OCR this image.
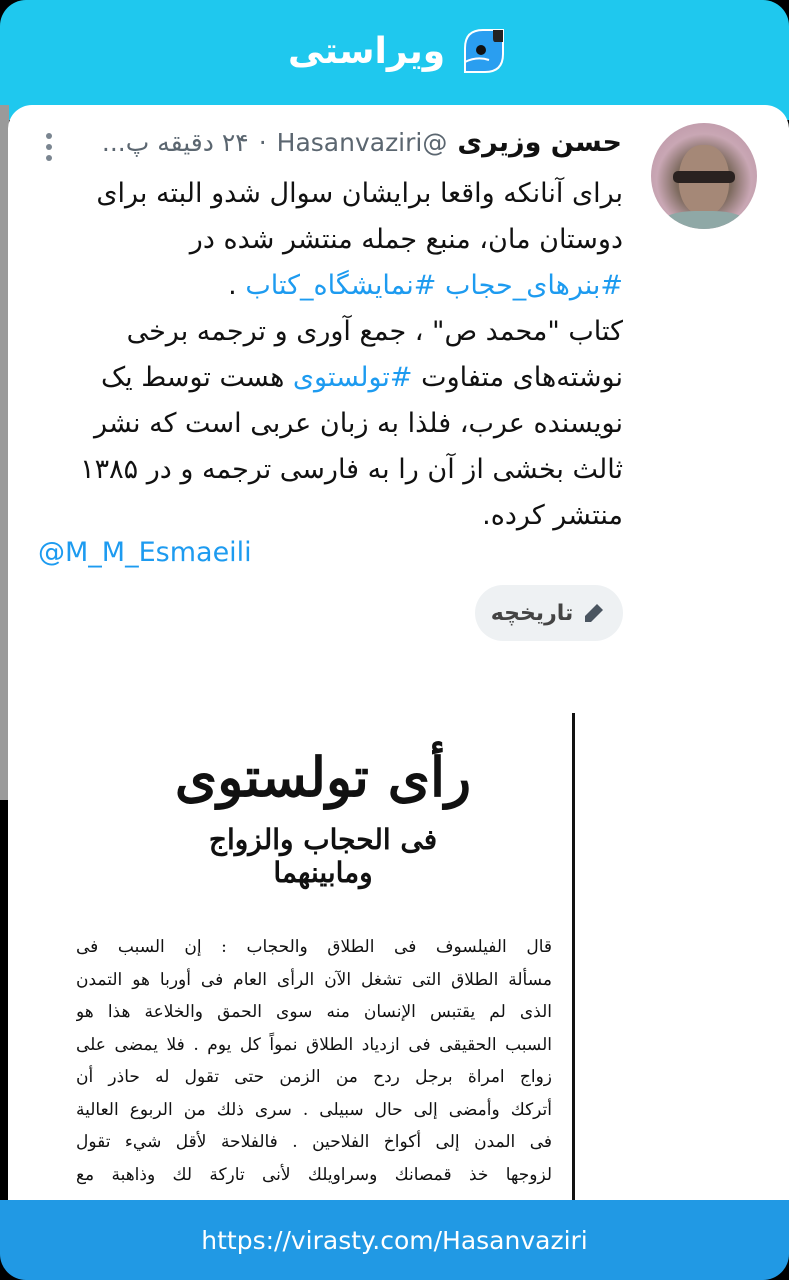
ویراستی
حسن وزیری
@Hasanvaziri
·
۲۴ دقیقه پ...
برای آنانکه واقعا برایشان سوال شدو البته برای
دوستان مان، منبع جمله منتشر شده در
#بنرهای_حجاب #نمایشگاه_کتاب .
کتاب "محمد ص" ، جمع آوری و ترجمه برخی
نوشته‌های متفاوت #تولستوی هست توسط یک
نویسنده عرب، فلذا به زبان عربی است که نشر
ثالث بخشی از آن را به فارسی ترجمه و در ۱۳۸۵
منتشر کرده.
@M_M_Esmaeili
تاریخچه
رأى تولستوى
فى الحجاب والزواج ومابينهما
قال الفيلسوف فى الطلاق والحجاب : إن السبب فى
مسألة الطلاق التى تشغل الآن الرأى العام فى أوربا هو التمدن
الذى لم يقتبس الإنسان منه سوى الحمق والخلاعة هذا هو
السبب الحقيقى فى ازدياد الطلاق نمواً كل يوم . فلا يمضى على
زواج امراة برجل ردح من الزمن حتى تقول له حاذر أن
أتركك وأمضى إلى حال سبيلى . سرى ذلك من الربوع العالية
فى المدن إلى أكواخ الفلاحين . فالفلاحة لأقل شيء تقول
لزوجها خذ قمصانك وسراويلك لأنى تاركة لك وذاهبة مع
https://virasty.com/Hasanvaziri
